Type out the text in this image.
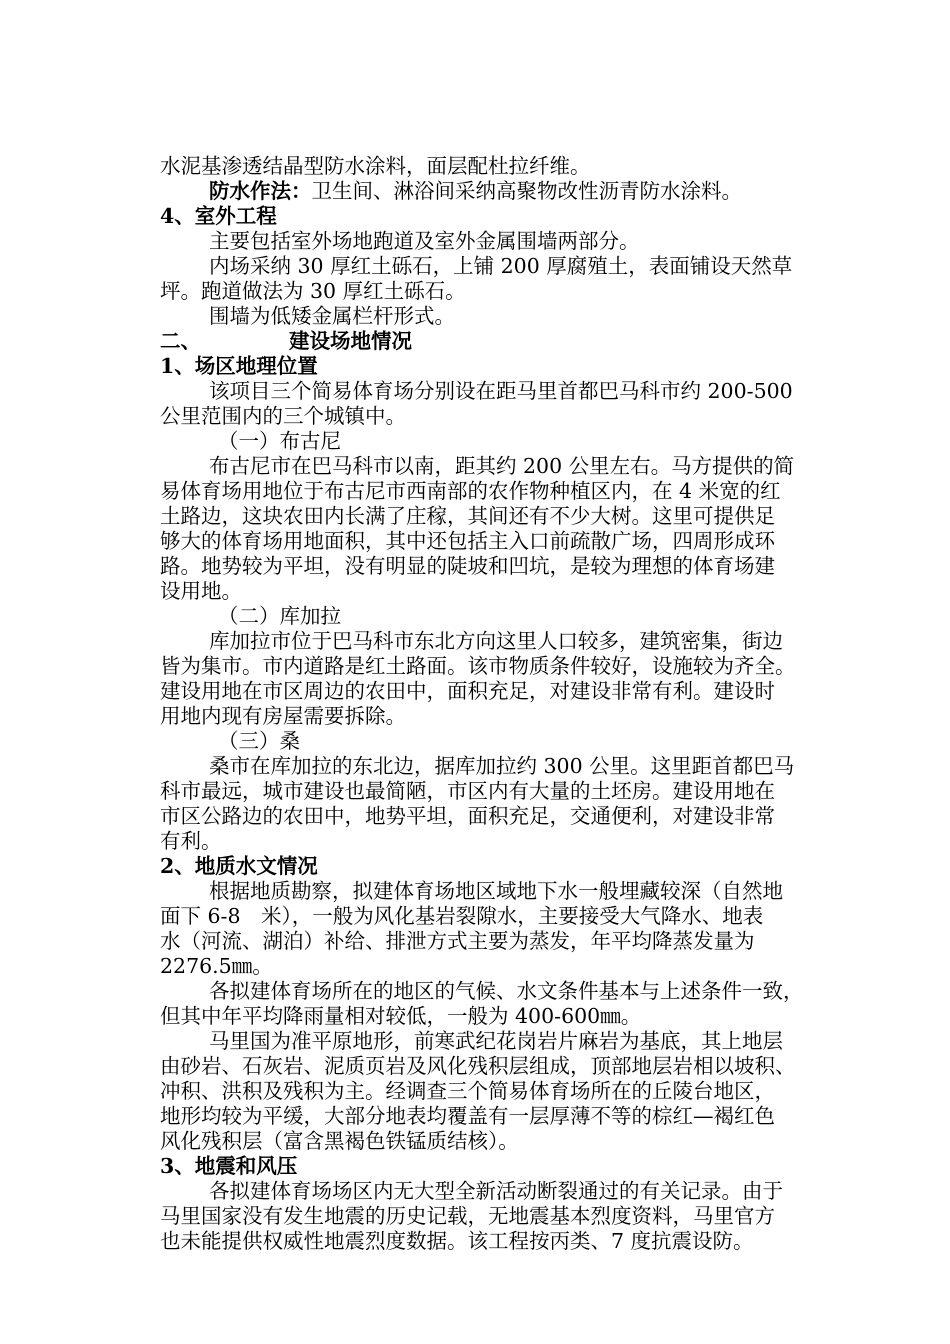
水泥基渗透结晶型防水涂料，面层配杜拉纤维。
防水作法：卫生间、淋浴间采纳高聚物改性沥青防水涂料。
4、室外工程
主要包括室外场地跑道及室外金属围墙两部分。
内场采纳 30 厚红土砾石，上铺 200 厚腐殖土，表面铺设天然草
坪。跑道做法为 30 厚红土砾石。
围墙为低矮金属栏杆形式。
二、	建设场地情况
1、场区地理位置
该项目三个简易体育场分别设在距马里首都巴马科市约 200-500
公里范围内的三个城镇中。
（一）布古尼
布古尼市在巴马科市以南，距其约 200 公里左右。马方提供的简
易体育场用地位于布古尼市西南部的农作物种植区内，在 4 米宽的红
土路边，这块农田内长满了庄稼，其间还有不少大树。这里可提供足
够大的体育场用地面积，其中还包括主入口前疏散广场，四周形成环
路。地势较为平坦，没有明显的陡坡和凹坑，是较为理想的体育场建
设用地。
（二）库加拉
库加拉市位于巴马科市东北方向这里人口较多，建筑密集，街边
皆为集市。市内道路是红土路面。该市物质条件较好，设施较为齐全。
建设用地在市区周边的农田中，面积充足，对建设非常有利。建设时
用地内现有房屋需要拆除。
（三）桑
桑市在库加拉的东北边，据库加拉约 300 公里。这里距首都巴马
科市最远，城市建设也最简陋，市区内有大量的土坯房。建设用地在
市区公路边的农田中，地势平坦，面积充足，交通便利，对建设非常
有利。
2、地质水文情况
根据地质勘察，拟建体育场地区域地下水一般埋藏较深（自然地
面下 6-8　米），一般为风化基岩裂隙水，主要接受大气降水、地表
水（河流、湖泊）补给、排泄方式主要为蒸发，年平均降蒸发量为
2276.5㎜。
各拟建体育场所在的地区的气候、水文条件基本与上述条件一致，
但其中年平均降雨量相对较低，一般为 400-600㎜。
马里国为准平原地形，前寒武纪花岗岩片麻岩为基底，其上地层
由砂岩、石灰岩、泥质页岩及风化残积层组成，顶部地层岩相以坡积、
冲积、洪积及残积为主。经调查三个简易体育场所在的丘陵台地区，
地形均较为平缓，大部分地表均覆盖有一层厚薄不等的棕红—褐红色
风化残积层（富含黑褐色铁锰质结核）。
3、地震和风压
各拟建体育场场区内无大型全新活动断裂通过的有关记录。由于
马里国家没有发生地震的历史记载，无地震基本烈度资料，马里官方
也未能提供权威性地震烈度数据。该工程按丙类、7 度抗震设防。
